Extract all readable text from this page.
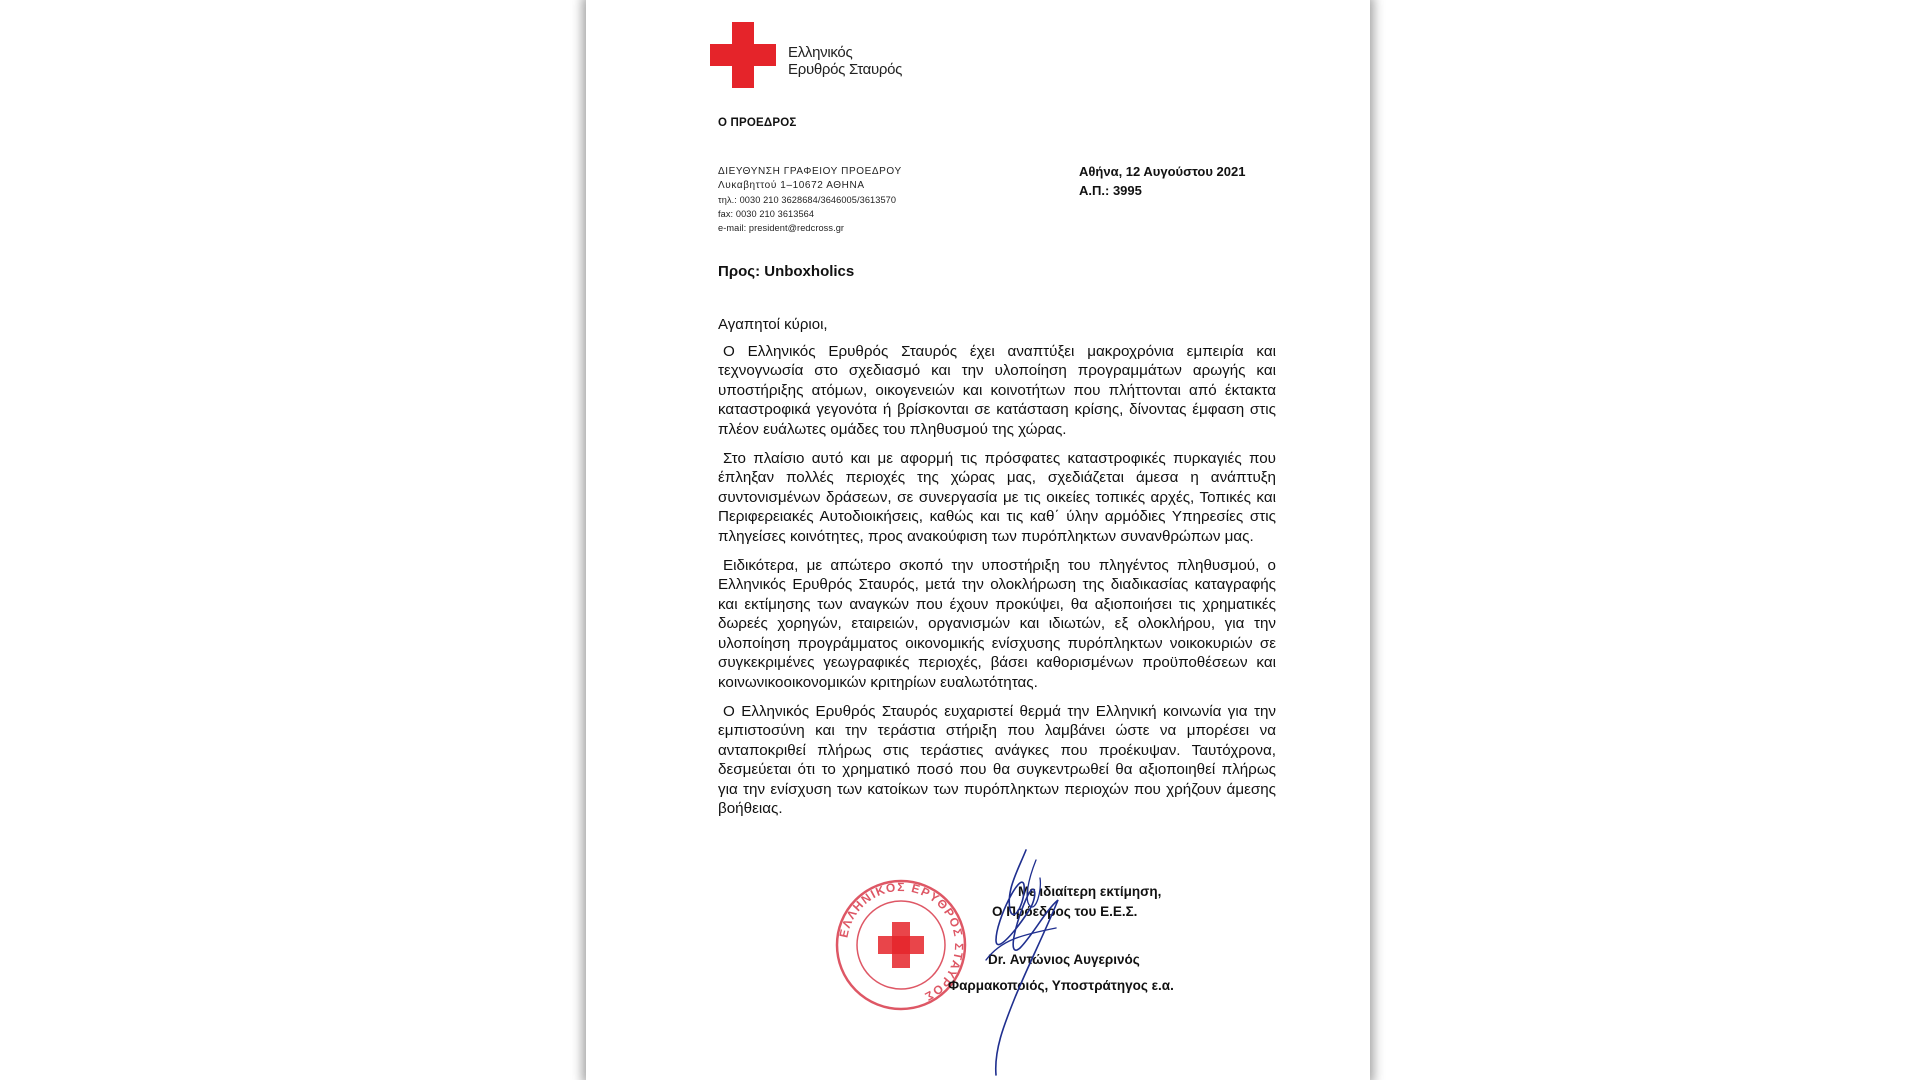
Ελληνικός
Ερυθρός Σταυρός
Ο ΠΡΟΕΔΡΟΣ
ΔΙΕΥΘΥΝΣΗ ΓΡΑΦΕΙΟΥ ΠΡΟΕΔΡΟΥ
Λυκαβηττού 1–10672 ΑΘΗΝΑ
τηλ.: 0030 210 3628684/3646005/3613570
fax: 0030 210 3613564
e-mail: president@redcross.gr
Αθήνα, 12 Αυγούστου 2021
Α.Π.: 3995
Προς: Unboxholics
Αγαπητοί κύριοι,

Ο Ελληνικός Ερυθρός Σταυρός έχει αναπτύξει μακροχρόνια εμπειρία και τεχνογνωσία στο σχεδιασμό και την υλοποίηση προγραμμάτων αρωγής και υποστήριξης ατόμων, οικογενειών και κοινοτήτων που πλήττονται από έκτακτα καταστροφικά γεγονότα ή βρίσκονται σε κατάσταση κρίσης, δίνοντας έμφαση στις πλέον ευάλωτες ομάδες του πληθυσμού της χώρας.

Στο πλαίσιο αυτό και με αφορμή τις πρόσφατες καταστροφικές πυρκαγιές που έπληξαν πολλές περιοχές της χώρας μας, σχεδιάζεται άμεσα η ανάπτυξη συντονισμένων δράσεων, σε συνεργασία με τις οικείες τοπικές αρχές, Τοπικές και Περιφερειακές Αυτοδιοικήσεις, καθώς και τις καθ΄ ύλην αρμόδιες Υπηρεσίες στις πληγείσες κοινότητες, προς ανακούφιση των πυρόπληκτων συνανθρώπων μας.

Ειδικότερα, με απώτερο σκοπό την υποστήριξη του πληγέντος πληθυσμού, ο Ελληνικός Ερυθρός Σταυρός, μετά την ολοκλήρωση της διαδικασίας καταγραφής και εκτίμησης των αναγκών που έχουν προκύψει, θα αξιοποιήσει τις χρηματικές δωρεές χορηγών, εταιρειών, οργανισμών και ιδιωτών, εξ ολοκλήρου, για την υλοποίηση προγράμματος οικονομικής ενίσχυσης πυρόπληκτων νοικοκυριών σε συγκεκριμένες γεωγραφικές περιοχές, βάσει καθορισμένων προϋποθέσεων και κοινωνικοοικονομικών κριτηρίων ευαλωτότητας.

Ο Ελληνικός Ερυθρός Σταυρός ευχαριστεί θερμά την Ελληνική κοινωνία για την εμπιστοσύνη και την τεράστια στήριξη που λαμβάνει ώστε να μπορέσει να ανταποκριθεί πλήρως στις τεράστιες ανάγκες που προέκυψαν. Ταυτόχρονα, δεσμεύεται ότι το χρηματικό ποσό που θα συγκεντρωθεί θα αξιοποιηθεί πλήρως για την ενίσχυση των κατοίκων των πυρόπληκτων περιοχών που χρήζουν άμεσης βοήθειας.

ΕΛΛΗΝΙΚΟΣ ΕΡΥΘΡΟΣ ΣΤΑΥΡΟΣ
Με ιδιαίτερη εκτίμηση,
Ο Πρόεδρος του Ε.Ε.Σ.
Dr. Αντώνιος Αυγερινός
Φαρμακοποιός, Υποστράτηγος ε.α.
